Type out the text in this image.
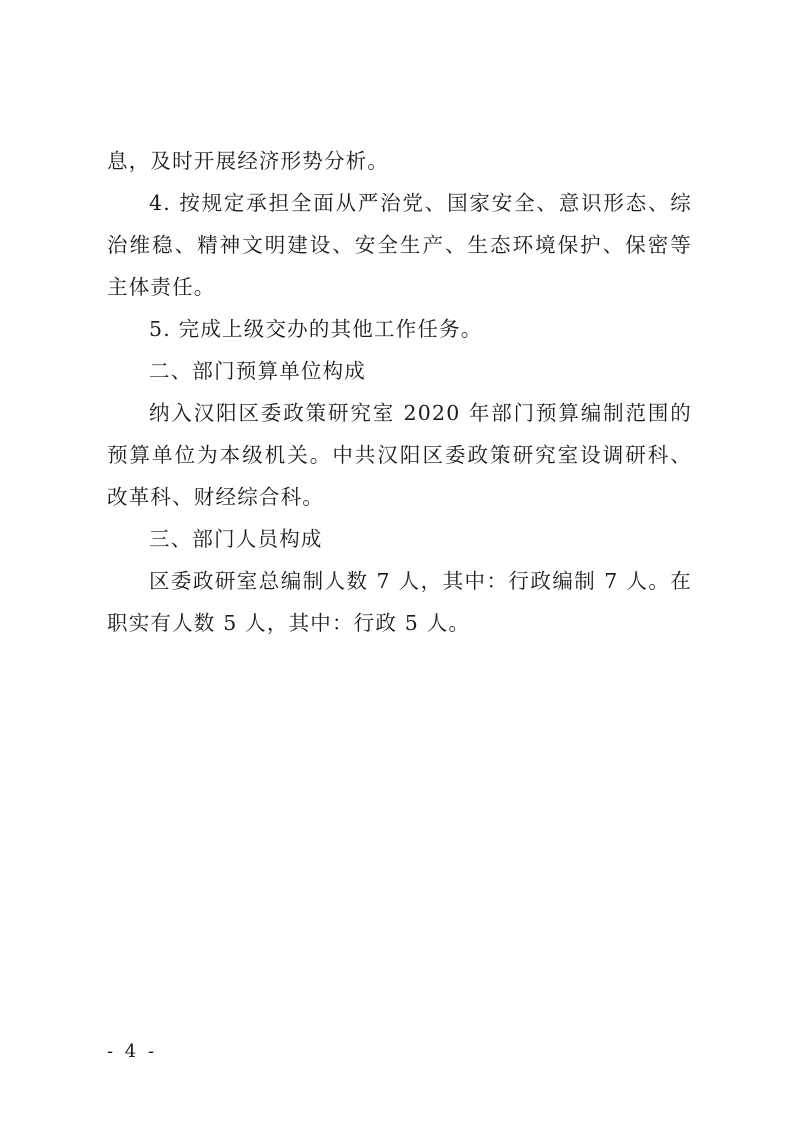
息，及时开展经济形势分析。

4. 按规定承担全面从严治党、国家安全、意识形态、综治维稳、精神文明建设、安全生产、生态环境保护、保密等主体责任。

5. 完成上级交办的其他工作任务。

二、部门预算单位构成

纳入汉阳区委政策研究室 2020 年部门预算编制范围的预算单位为本级机关。中共汉阳区委政策研究室设调研科、改革科、财经综合科。

三、部门人员构成

区委政研室总编制人数 7 人，其中：行政编制 7 人。在职实有人数 5 人，其中：行政 5 人。

- 4 -
